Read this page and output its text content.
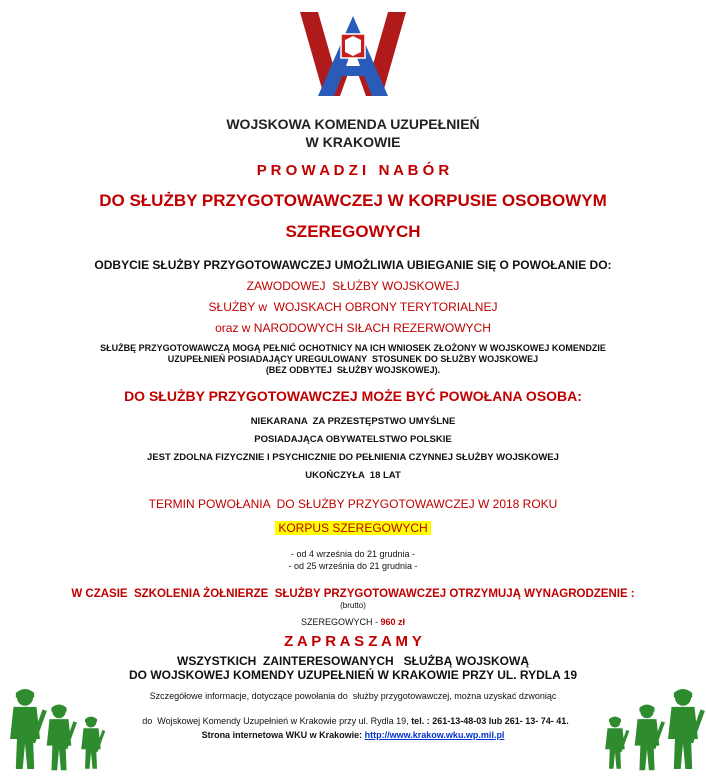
WKU
WOJSKOWA KOMENDA UZUPEŁNIEŃ
W KRAKOWIE
P R O W A D Z I   N A B Ó R
DO SŁUŻBY PRZYGOTOWAWCZEJ W KORPUSIE OSOBOWYM
SZEREGOWYCH
ODBYCIE SŁUŻBY PRZYGOTOWAWCZEJ UMOŻLIWIA UBIEGANIE SIĘ O POWOŁANIE DO:
ZAWODOWEJ  SŁUŻBY WOJSKOWEJ
SŁUŻBY w  WOJSKACH OBRONY TERYTORIALNEJ
oraz w NARODOWYCH SIŁACH REZERWOWYCH
SŁUŻBĘ PRZYGOTOWAWCZĄ MOGĄ PEŁNIĆ OCHOTNICY NA ICH WNIOSEK ZŁOŻONY W WOJSKOWEJ KOMENDZIE
UZUPEŁNIEŃ POSIADAJĄCY UREGULOWANY  STOSUNEK DO SŁUŻBY WOJSKOWEJ
(BEZ ODBYTEJ  SŁUŻBY WOJSKOWEJ).
DO SŁUŻBY PRZYGOTOWAWCZEJ MOŻE BYĆ POWOŁANA OSOBA:
NIEKARANA  ZA PRZESTĘPSTWO UMYŚLNE
POSIADAJĄCA OBYWATELSTWO POLSKIE
JEST ZDOLNA FIZYCZNIE I PSYCHICZNIE DO PEŁNIENIA CZYNNEJ SŁUŻBY WOJSKOWEJ
UKOŃCZYŁA  18 LAT
TERMIN POWOŁANIA  DO SŁUŻBY PRZYGOTOWAWCZEJ W 2018 ROKU
KORPUS SZEREGOWYCH
- od 4 września do 21 grudnia -
- od 25 września do 21 grudnia -
W CZASIE  SZKOLENIA ŻOŁNIERZE  SŁUŻBY PRZYGOTOWAWCZEJ OTRZYMUJĄ WYNAGRODZENIE :
(brutto)
SZEREGOWYCH - 960 zł
Z A P R A S Z A M Y
WSZYSTKICH  ZAINTERESOWANYCH   SŁUŻBĄ WOJSKOWĄ
DO WOJSKOWEJ KOMENDY UZUPEŁNIEŃ W KRAKOWIE PRZY UL. RYDLA 19
Szczegółowe informacje, dotyczące powołania do  służby przygotowawczej, można uzyskać dzwoniąc

do  Wojskowej Komendy Uzupełnień w Krakowie przy ul. Rydla 19, tel. : 261-13-48-03 lub 261- 13- 74- 41.

Strona internetowa WKU w Krakowie: http://www.krakow.wku.wp.mil.pl
